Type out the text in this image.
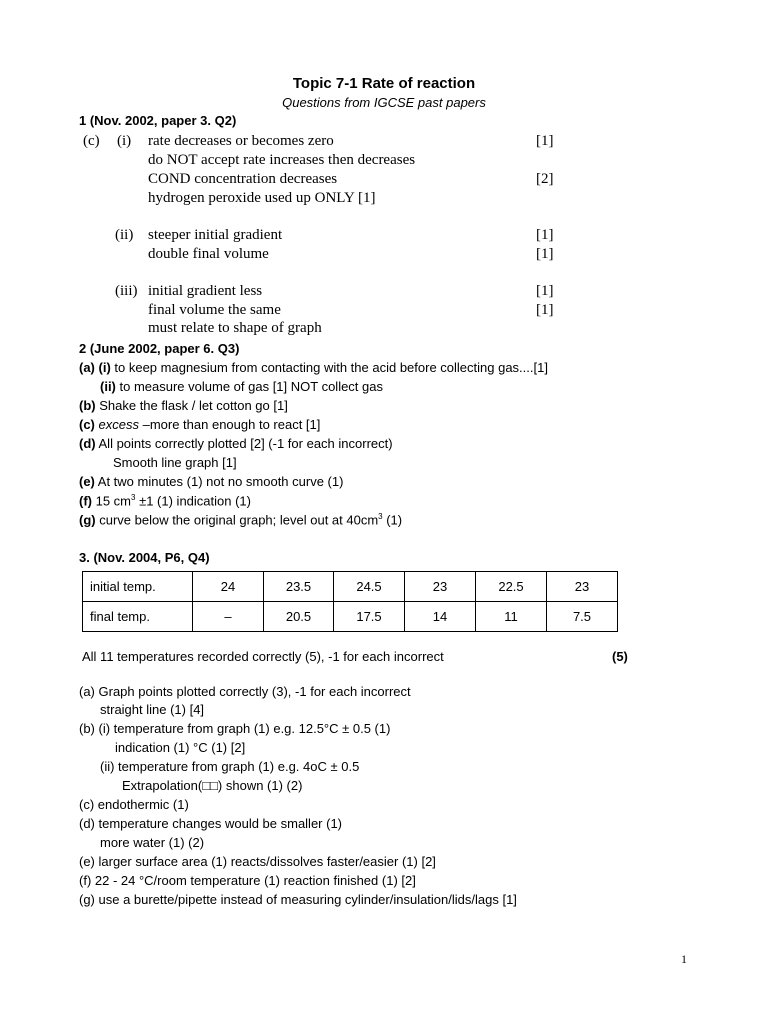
Topic 7-1 Rate of reaction
Questions from IGCSE past papers
1 (Nov. 2002, paper 3. Q2)
(c) (i) rate decreases or becomes zero	[1]
do NOT accept rate increases then decreases
COND concentration decreases	[2]
hydrogen peroxide used up ONLY [1]
(ii) steeper initial gradient	[1]
double final volume	[1]
(iii) initial gradient less	[1]
final volume the same	[1]
must relate to shape of graph
2 (June 2002, paper 6. Q3)
(a) (i) to keep magnesium from contacting with the acid before collecting gas....[1]
(ii) to measure volume of gas [1] NOT collect gas
(b) Shake the flask / let cotton go [1]
(c) excess –more than enough to react [1]
(d) All points correctly plotted [2] (-1 for each incorrect)
Smooth line graph [1]
(e) At two minutes (1) not no smooth curve (1)
(f) 15 $cm^3 \pm 1$ (1) indication (1)
(g) curve below the original graph; level out at $40cm^3$ (1)
3. (Nov. 2004, P6, Q4)
initial temp.	24	23.5	24.5	23	22.5	23
final temp.	–	20.5	17.5	14	11	7.5
All 11 temperatures recorded correctly (5), -1 for each incorrect	(5)
(a) Graph points plotted correctly (3), -1 for each incorrect
straight line (1) [4]
(b) (i) temperature from graph (1) e.g. 12.5°C ± 0.5 (1)
indication (1) °C (1) [2]
(ii) temperature from graph (1) e.g. 4oC ± 0.5
Extrapolation(□□) shown (1) (2)
(c) endothermic (1)
(d) temperature changes would be smaller (1)
more water (1) (2)
(e) larger surface area (1) reacts/dissolves faster/easier (1) [2]
(f) 22 - 24 °C/room temperature (1) reaction finished (1) [2]
(g) use a burette/pipette instead of measuring cylinder/insulation/lids/lags [1]
1
